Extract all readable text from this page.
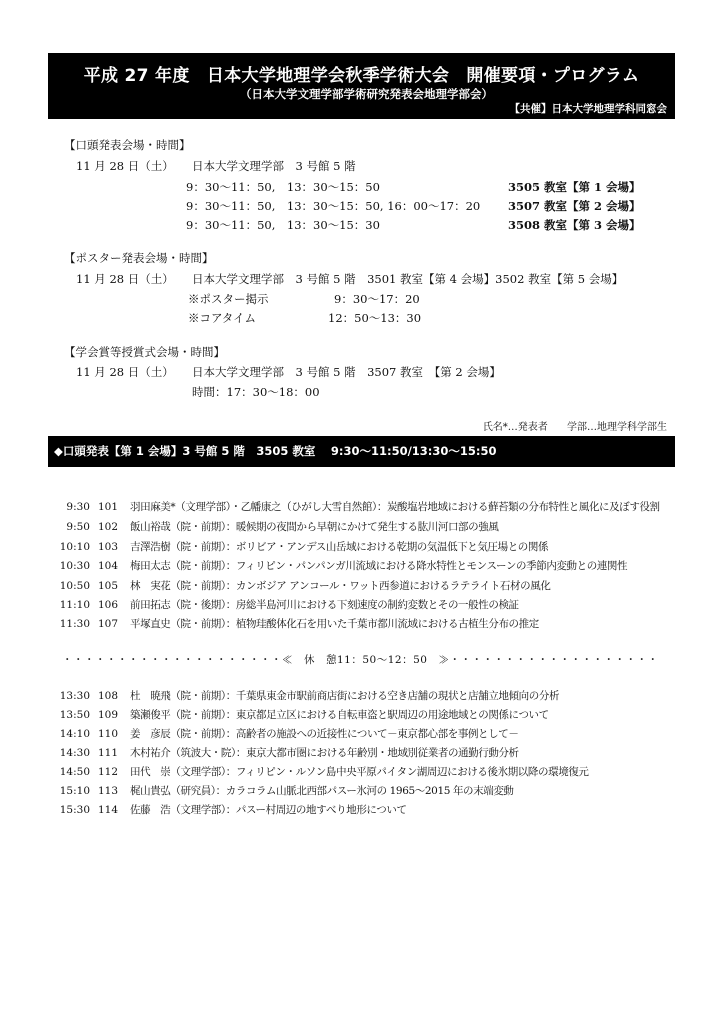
平成 27 年度　日本大学地理学会秋季学術大会　開催要項・プログラム
（日本大学文理学部学術研究発表会地理学部会）
【共催】日本大学地理学科同窓会
【口頭発表会場・時間】
11 月 28 日（土） 日本大学文理学部　3 号館 5 階
9：30～11：50,　13：30～15：50	3505 教室【第 1 会場】
9：30～11：50,　13：30～15：50, 16：00～17：20 3507 教室【第 2 会場】
9：30～11：50,　13：30～15：30	3508 教室【第 3 会場】
【ポスター発表会場・時間】
11 月 28 日（土） 日本大学文理学部　3 号館 5 階　3501 教室【第 4 会場】3502 教室【第 5 会場】
※ポスター掲示	9：30～17：20
※コアタイム	12：50～13：30
【学会賞等授賞式会場・時間】
11 月 28 日（土） 日本大学文理学部　3 号館 5 階　3507 教室　【第 2 会場】
時間：17：30～18：00
氏名*…発表者 学部…地理学科学部生
◆口頭発表【第 1 会場】3 号館 5 階　3505 教室　 9:30～11:50/13:30～15:50
9:30 101	羽田麻美*（文理学部）・乙幡康之（ひがし大雪自然館）：炭酸塩岩地域における蘚苔類の分布特性と風化に及ぼす役割
9:50 102	飯山裕哉（院・前期）：暖候期の夜間から早朝にかけて発生する肱川河口部の強風
10:10 103	吉澤浩樹（院・前期）：ボリビア・アンデス山岳域における乾期の気温低下と気圧場との関係
10:30 104	梅田太志（院・前期）：フィリピン・パンパンガ川流域における降水特性とモンスーンの季節内変動との連関性
10:50 105	林　実花（院・前期）：カンボジア アンコール・ワット西参道におけるラテライト石材の風化
11:10 106	前田拓志（院・後期）：房総半島河川における下刻速度の制約変数とその一般性の検証
11:30 107	平塚直史（院・前期）：植物珪酸体化石を用いた千葉市都川流域における古植生分布の推定
・・・・・・・・・・・・・・・・・・・・≪　休　憩11：50～12：50　≫・・・・・・・・・・・・・・・・・・・
13:30 108	杜　暁飛（院・前期）：千葉県東金市駅前商店街における空き店舗の現状と店舗立地傾向の分析
13:50 109	築瀬俊平（院・前期）：東京都足立区における自転車盗と駅周辺の用途地域との関係について
14:10 110	姜　彦辰（院・前期）：高齢者の施設への近接性について－東京都心部を事例として－
14:30 111	木村祐介（筑波大・院）：東京大都市圏における年齢別・地域別従業者の通勤行動分析
14:50 112	田代　崇（文理学部）：フィリピン・ルソン島中央平原パイタン湖周辺における後氷期以降の環境復元
15:10 113	梶山貴弘（研究員）：カラコラム山脈北西部パスー氷河の 1965～2015 年の末端変動
15:30 114	佐藤　浩（文理学部）：パスー村周辺の地すべり地形について
